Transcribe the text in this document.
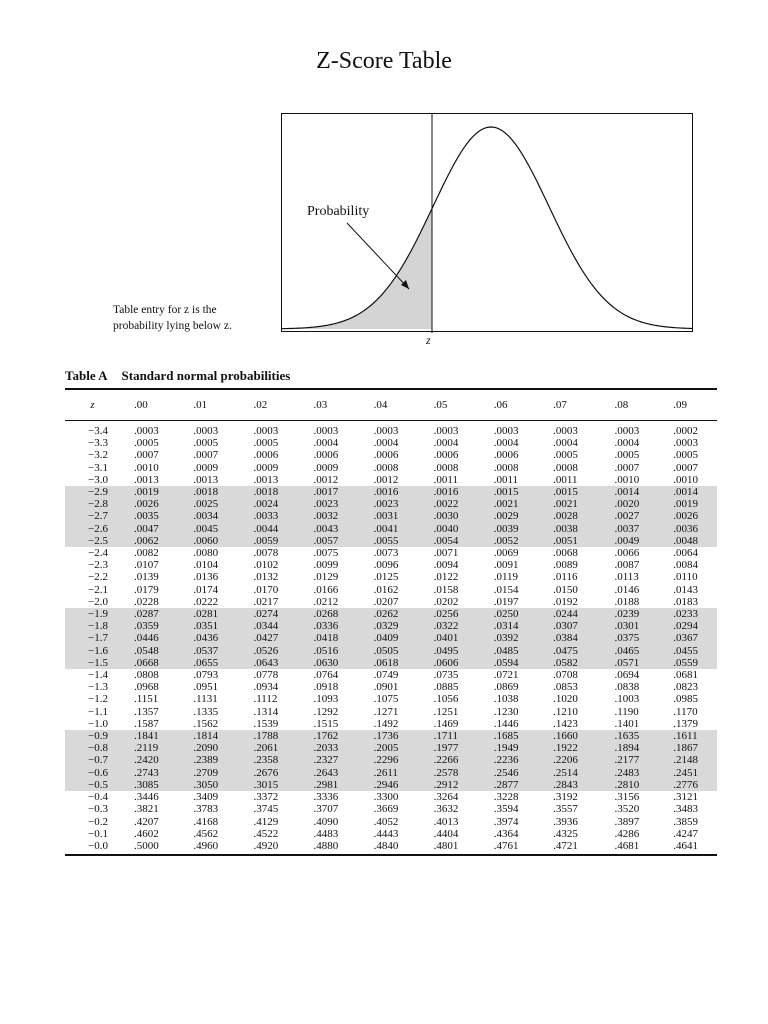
Z-Score Table
Probability
z
Table entry for z is the
probability lying below z.
Table A Standard normal probabilities
z	.00	.01	.02	.03	.04	.05	.06	.07	.08	.09
−3.4	.0003	.0003	.0003	.0003	.0003	.0003	.0003	.0003	.0003	.0002
−3.3	.0005	.0005	.0005	.0004	.0004	.0004	.0004	.0004	.0004	.0003
−3.2	.0007	.0007	.0006	.0006	.0006	.0006	.0006	.0005	.0005	.0005
−3.1	.0010	.0009	.0009	.0009	.0008	.0008	.0008	.0008	.0007	.0007
−3.0	.0013	.0013	.0013	.0012	.0012	.0011	.0011	.0011	.0010	.0010
−2.9	.0019	.0018	.0018	.0017	.0016	.0016	.0015	.0015	.0014	.0014
−2.8	.0026	.0025	.0024	.0023	.0023	.0022	.0021	.0021	.0020	.0019
−2.7	.0035	.0034	.0033	.0032	.0031	.0030	.0029	.0028	.0027	.0026
−2.6	.0047	.0045	.0044	.0043	.0041	.0040	.0039	.0038	.0037	.0036
−2.5	.0062	.0060	.0059	.0057	.0055	.0054	.0052	.0051	.0049	.0048
−2.4	.0082	.0080	.0078	.0075	.0073	.0071	.0069	.0068	.0066	.0064
−2.3	.0107	.0104	.0102	.0099	.0096	.0094	.0091	.0089	.0087	.0084
−2.2	.0139	.0136	.0132	.0129	.0125	.0122	.0119	.0116	.0113	.0110
−2.1	.0179	.0174	.0170	.0166	.0162	.0158	.0154	.0150	.0146	.0143
−2.0	.0228	.0222	.0217	.0212	.0207	.0202	.0197	.0192	.0188	.0183
−1.9	.0287	.0281	.0274	.0268	.0262	.0256	.0250	.0244	.0239	.0233
−1.8	.0359	.0351	.0344	.0336	.0329	.0322	.0314	.0307	.0301	.0294
−1.7	.0446	.0436	.0427	.0418	.0409	.0401	.0392	.0384	.0375	.0367
−1.6	.0548	.0537	.0526	.0516	.0505	.0495	.0485	.0475	.0465	.0455
−1.5	.0668	.0655	.0643	.0630	.0618	.0606	.0594	.0582	.0571	.0559
−1.4	.0808	.0793	.0778	.0764	.0749	.0735	.0721	.0708	.0694	.0681
−1.3	.0968	.0951	.0934	.0918	.0901	.0885	.0869	.0853	.0838	.0823
−1.2	.1151	.1131	.1112	.1093	.1075	.1056	.1038	.1020	.1003	.0985
−1.1	.1357	.1335	.1314	.1292	.1271	.1251	.1230	.1210	.1190	.1170
−1.0	.1587	.1562	.1539	.1515	.1492	.1469	.1446	.1423	.1401	.1379
−0.9	.1841	.1814	.1788	.1762	.1736	.1711	.1685	.1660	.1635	.1611
−0.8	.2119	.2090	.2061	.2033	.2005	.1977	.1949	.1922	.1894	.1867
−0.7	.2420	.2389	.2358	.2327	.2296	.2266	.2236	.2206	.2177	.2148
−0.6	.2743	.2709	.2676	.2643	.2611	.2578	.2546	.2514	.2483	.2451
−0.5	.3085	.3050	.3015	.2981	.2946	.2912	.2877	.2843	.2810	.2776
−0.4	.3446	.3409	.3372	.3336	.3300	.3264	.3228	.3192	.3156	.3121
−0.3	.3821	.3783	.3745	.3707	.3669	.3632	.3594	.3557	.3520	.3483
−0.2	.4207	.4168	.4129	.4090	.4052	.4013	.3974	.3936	.3897	.3859
−0.1	.4602	.4562	.4522	.4483	.4443	.4404	.4364	.4325	.4286	.4247
−0.0	.5000	.4960	.4920	.4880	.4840	.4801	.4761	.4721	.4681	.4641
